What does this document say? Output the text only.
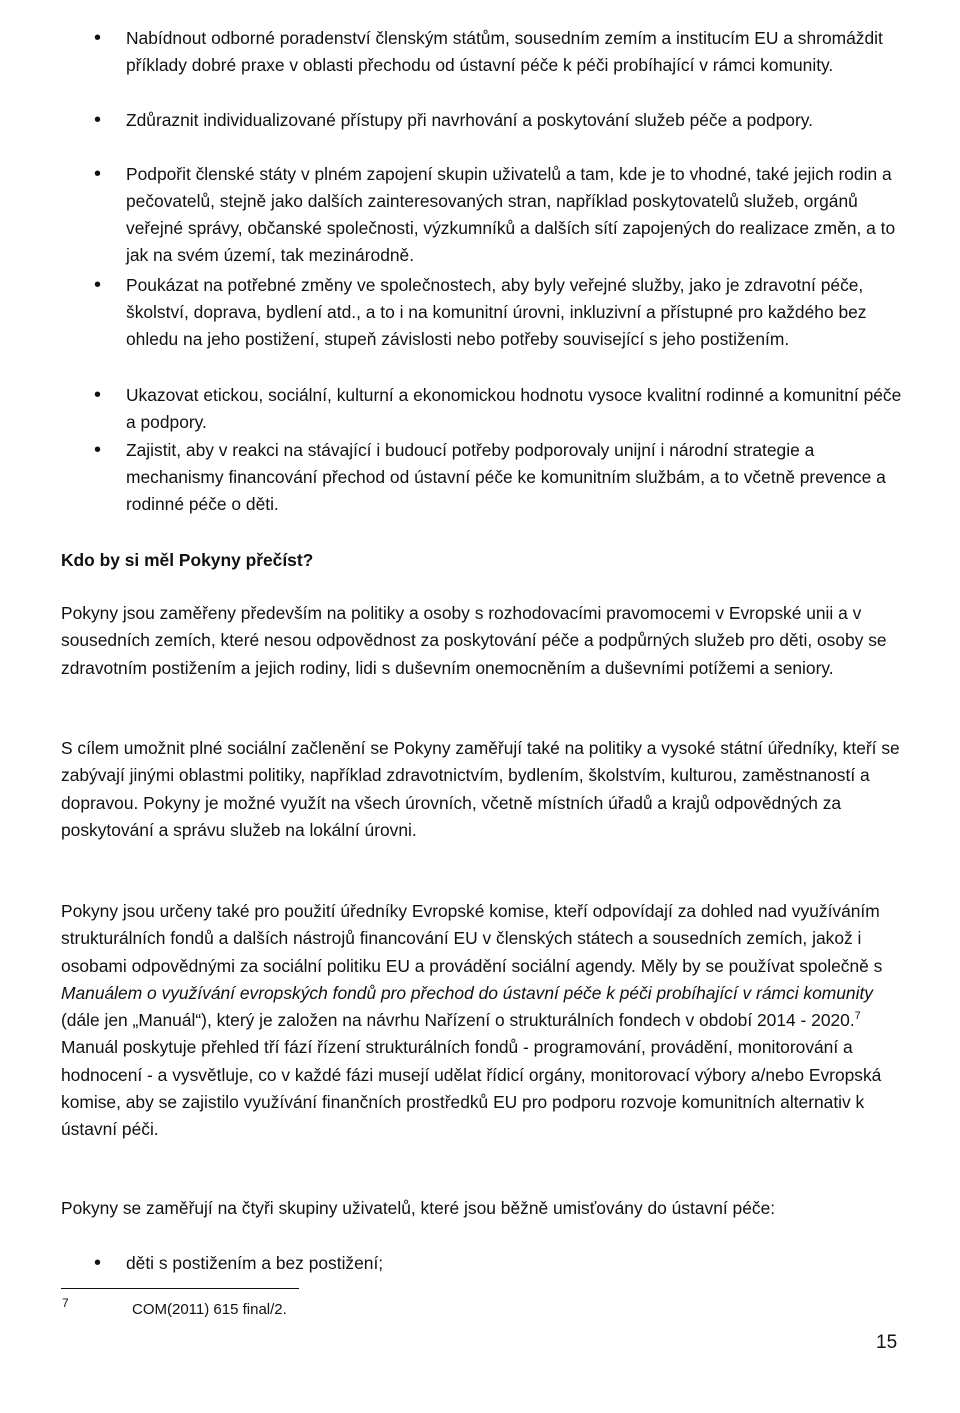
• Nabídnout odborné poradenství členským státům, sousedním zemím a institucím EU a shromáždit příklady dobré praxe v oblasti přechodu od ústavní péče k péči probíhající v rámci komunity.
• Zdůraznit individualizované přístupy při navrhování a poskytování služeb péče a podpory.
• Podpořit členské státy v plném zapojení skupin uživatelů a tam, kde je to vhodné, také jejich rodin a pečovatelů, stejně jako dalších zainteresovaných stran, například poskytovatelů služeb, orgánů veřejné správy, občanské společnosti, výzkumníků a dalších sítí zapojených do realizace změn, a to jak na svém území, tak mezinárodně.
• Poukázat na potřebné změny ve společnostech, aby byly veřejné služby, jako je zdravotní péče, školství, doprava, bydlení atd., a to i na komunitní úrovni, inkluzivní a přístupné pro každého bez ohledu na jeho postižení, stupeň závislosti nebo potřeby související s jeho postižením.
• Ukazovat etickou, sociální, kulturní a ekonomickou hodnotu vysoce kvalitní rodinné a komunitní péče a podpory.
• Zajistit, aby v reakci na stávající i budoucí potřeby podporovaly unijní i národní strategie a mechanismy financování přechod od ústavní péče ke komunitním službám, a to včetně prevence a rodinné péče o děti.
Kdo by si měl Pokyny přečíst?

Pokyny jsou zaměřeny především na politiky a osoby s rozhodovacími pravomocemi v Evropské unii a v sousedních zemích, které nesou odpovědnost za poskytování péče a podpůrných služeb pro děti, osoby se zdravotním postižením a jejich rodiny, lidi s duševním onemocněním a duševními potížemi a seniory.

S cílem umožnit plné sociální začlenění se Pokyny zaměřují také na politiky a vysoké státní úředníky, kteří se zabývají jinými oblastmi politiky, například zdravotnictvím, bydlením, školstvím, kulturou, zaměstnaností a dopravou. Pokyny je možné využít na všech úrovních, včetně místních úřadů a krajů odpovědných za poskytování a správu služeb na lokální úrovni.

Pokyny jsou určeny také pro použití úředníky Evropské komise, kteří odpovídají za dohled nad využíváním strukturálních fondů a dalších nástrojů financování EU v členských státech a sousedních zemích, jakož i osobami odpovědnými za sociální politiku EU a provádění sociální agendy. Měly by se používat společně s Manuálem o využívání evropských fondů pro přechod do ústavní péče k péči probíhající v rámci komunity (dále jen „Manuál“), který je založen na návrhu Nařízení o strukturálních fondech v období 2014 - 2020.$^7$ Manuál poskytuje přehled tří fází řízení strukturálních fondů - programování, provádění, monitorování a hodnocení - a vysvětluje, co v každé fázi musejí udělat řídicí orgány, monitorovací výbory a/nebo Evropská komise, aby se zajistilo využívání finančních prostředků EU pro podporu rozvoje komunitních alternativ k ústavní péči.

Pokyny se zaměřují na čtyři skupiny uživatelů, které jsou běžně umisťovány do ústavní péče:

• děti s postižením a bez postižení;
7	COM(2011) 615 final/2.
15
